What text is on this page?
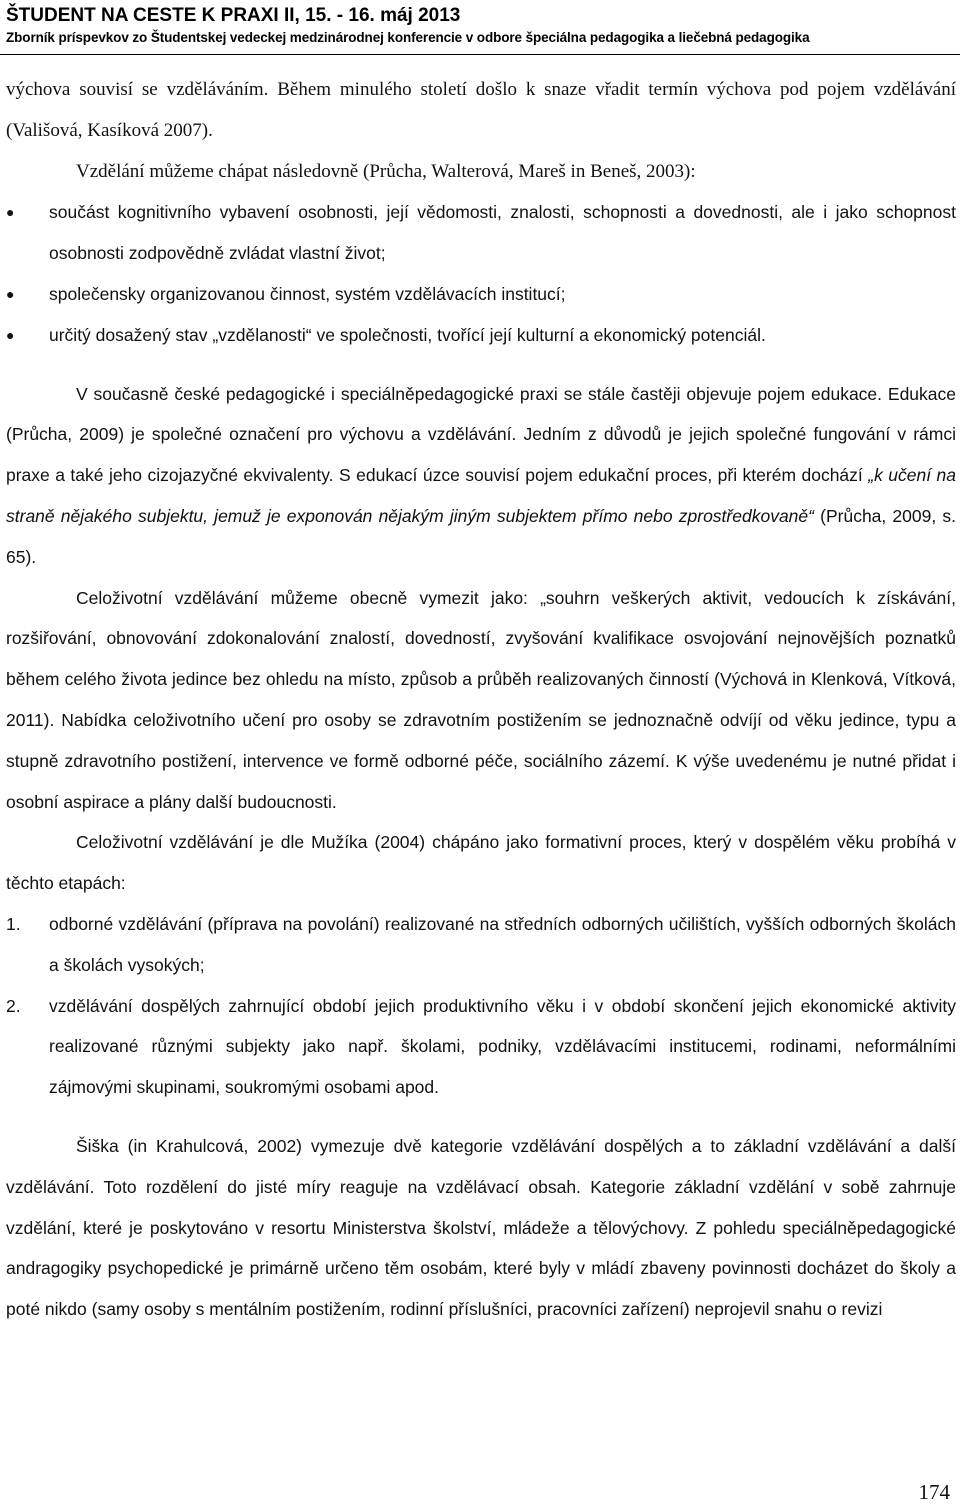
ŠTUDENT NA CESTE K PRAXI II, 15. - 16. máj 2013
Zborník príspevkov zo Študentskej vedeckej medzinárodnej konferencie v odbore špeciálna pedagogika a liečebná pedagogika

výchova souvisí se vzděláváním. Během minulého století došlo k snaze vřadit termín výchova pod pojem vzdělávání (Vališová, Kasíková 2007).

Vzdělání můžeme chápat následovně (Průcha, Walterová, Mareš in Beneš, 2003):

●	součást kognitivního vybavení osobnosti, její vědomosti, znalosti, schopnosti a dovednosti, ale i jako schopnost osobnosti zodpovědně zvládat vlastní život;
●	společensky organizovanou činnost, systém vzdělávacích institucí;
●	určitý dosažený stav „vzdělanosti“ ve společnosti, tvořící její kulturní a ekonomický potenciál.

V současně české pedagogické i speciálněpedagogické praxi se stále častěji objevuje pojem edukace. Edukace (Průcha, 2009) je společné označení pro výchovu a vzdělávání. Jedním z důvodů je jejich společné fungování v rámci praxe a také jeho cizojazyčné ekvivalenty. S edukací úzce souvisí pojem edukační proces, při kterém dochází „k učení na straně nějakého subjektu, jemuž je exponován nějakým jiným subjektem přímo nebo zprostředkovaně“ (Průcha, 2009, s. 65).

Celoživotní vzdělávání můžeme obecně vymezit jako: „souhrn veškerých aktivit, vedoucích k získávání, rozšiřování, obnovování zdokonalování znalostí, dovedností, zvyšování kvalifikace osvojování nejnovějších poznatků během celého života jedince bez ohledu na místo, způsob a průběh realizovaných činností (Výchová in Klenková, Vítková, 2011). Nabídka celoživotního učení pro osoby se zdravotním postižením se jednoznačně odvíjí od věku jedince, typu a stupně zdravotního postižení, intervence ve formě odborné péče, sociálního zázemí. K výše uvedenému je nutné přidat i osobní aspirace a plány další budoucnosti.

Celoživotní vzdělávání je dle Mužíka (2004) chápáno jako formativní proces, který v dospělém věku probíhá v těchto etapách:

1. odborné vzdělávání (příprava na povolání) realizované na středních odborných učilištích, vyšších odborných školách a školách vysokých;
2. vzdělávání dospělých zahrnující období jejich produktivního věku i v období skončení jejich ekonomické aktivity realizované různými subjekty jako např. školami, podniky, vzdělávacími institucemi, rodinami, neformálními zájmovými skupinami, soukromými osobami apod.

Šiška (in Krahulcová, 2002) vymezuje dvě kategorie vzdělávání dospělých a to základní vzdělávání a další vzdělávání. Toto rozdělení do jisté míry reaguje na vzdělávací obsah. Kategorie základní vzdělání v sobě zahrnuje vzdělání, které je poskytováno v resortu Ministerstva školství, mládeže a tělovýchovy. Z pohledu speciálněpedagogické andragogiky psychopedické je primárně určeno těm osobám, které byly v mládí zbaveny povinnosti docházet do školy a poté nikdo (samy osoby s mentálním postižením, rodinní příslušníci, pracovníci zařízení) neprojevil snahu o revizi

174
